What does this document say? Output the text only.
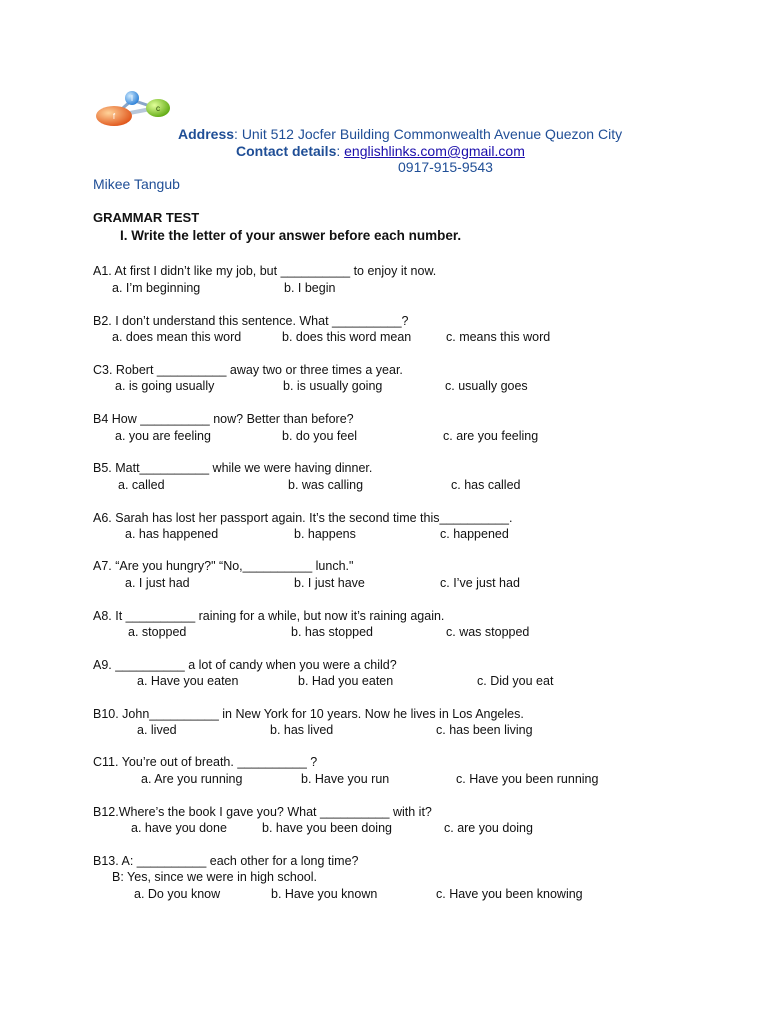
l
c
f
Address: Unit 512 Jocfer Building Commonwealth Avenue Quezon City
Contact details: englishlinks.com@gmail.com
0917-915-9543
Mikee Tangub
GRAMMAR TEST
I. Write the letter of your answer before each number.
A1. At first I didn’t like my job, but __________ to enjoy it now.
a. I’m beginning	b. I begin
B2. I don’t understand this sentence. What __________?
a. does mean this word	b. does this word mean	c. means this word
C3. Robert __________ away two or three times a year.
a. is going usually	b. is usually going	c. usually goes
B4 How __________ now? Better than before?
a. you are feeling	b. do you feel	c. are you feeling
B5. Matt__________ while we were having dinner.
a. called	b. was calling	c. has called
A6. Sarah has lost her passport again. It’s the second time this__________.
a. has happened	b. happens	c. happened
A7. “Are you hungry?" “No,__________ lunch."
a. I just had	b. I just have	c. I’ve just had
A8. It __________ raining for a while, but now it’s raining again.
a. stopped	b. has stopped	c. was stopped
A9. __________ a lot of candy when you were a child?
a. Have you eaten	b. Had you eaten	c. Did you eat
B10. John__________ in New York for 10 years. Now he lives in Los Angeles.
a. lived	b. has lived	c. has been living
C11. You’re out of breath. __________ ?
a. Are you running	b. Have you run	c. Have you been running
B12.Where’s the book I gave you? What __________ with it?
a. have you done	b. have you been doing	c. are you doing
B13. A: __________ each other for a long time?
B: Yes, since we were in high school.
a. Do you know	b. Have you known	c. Have you been knowing
